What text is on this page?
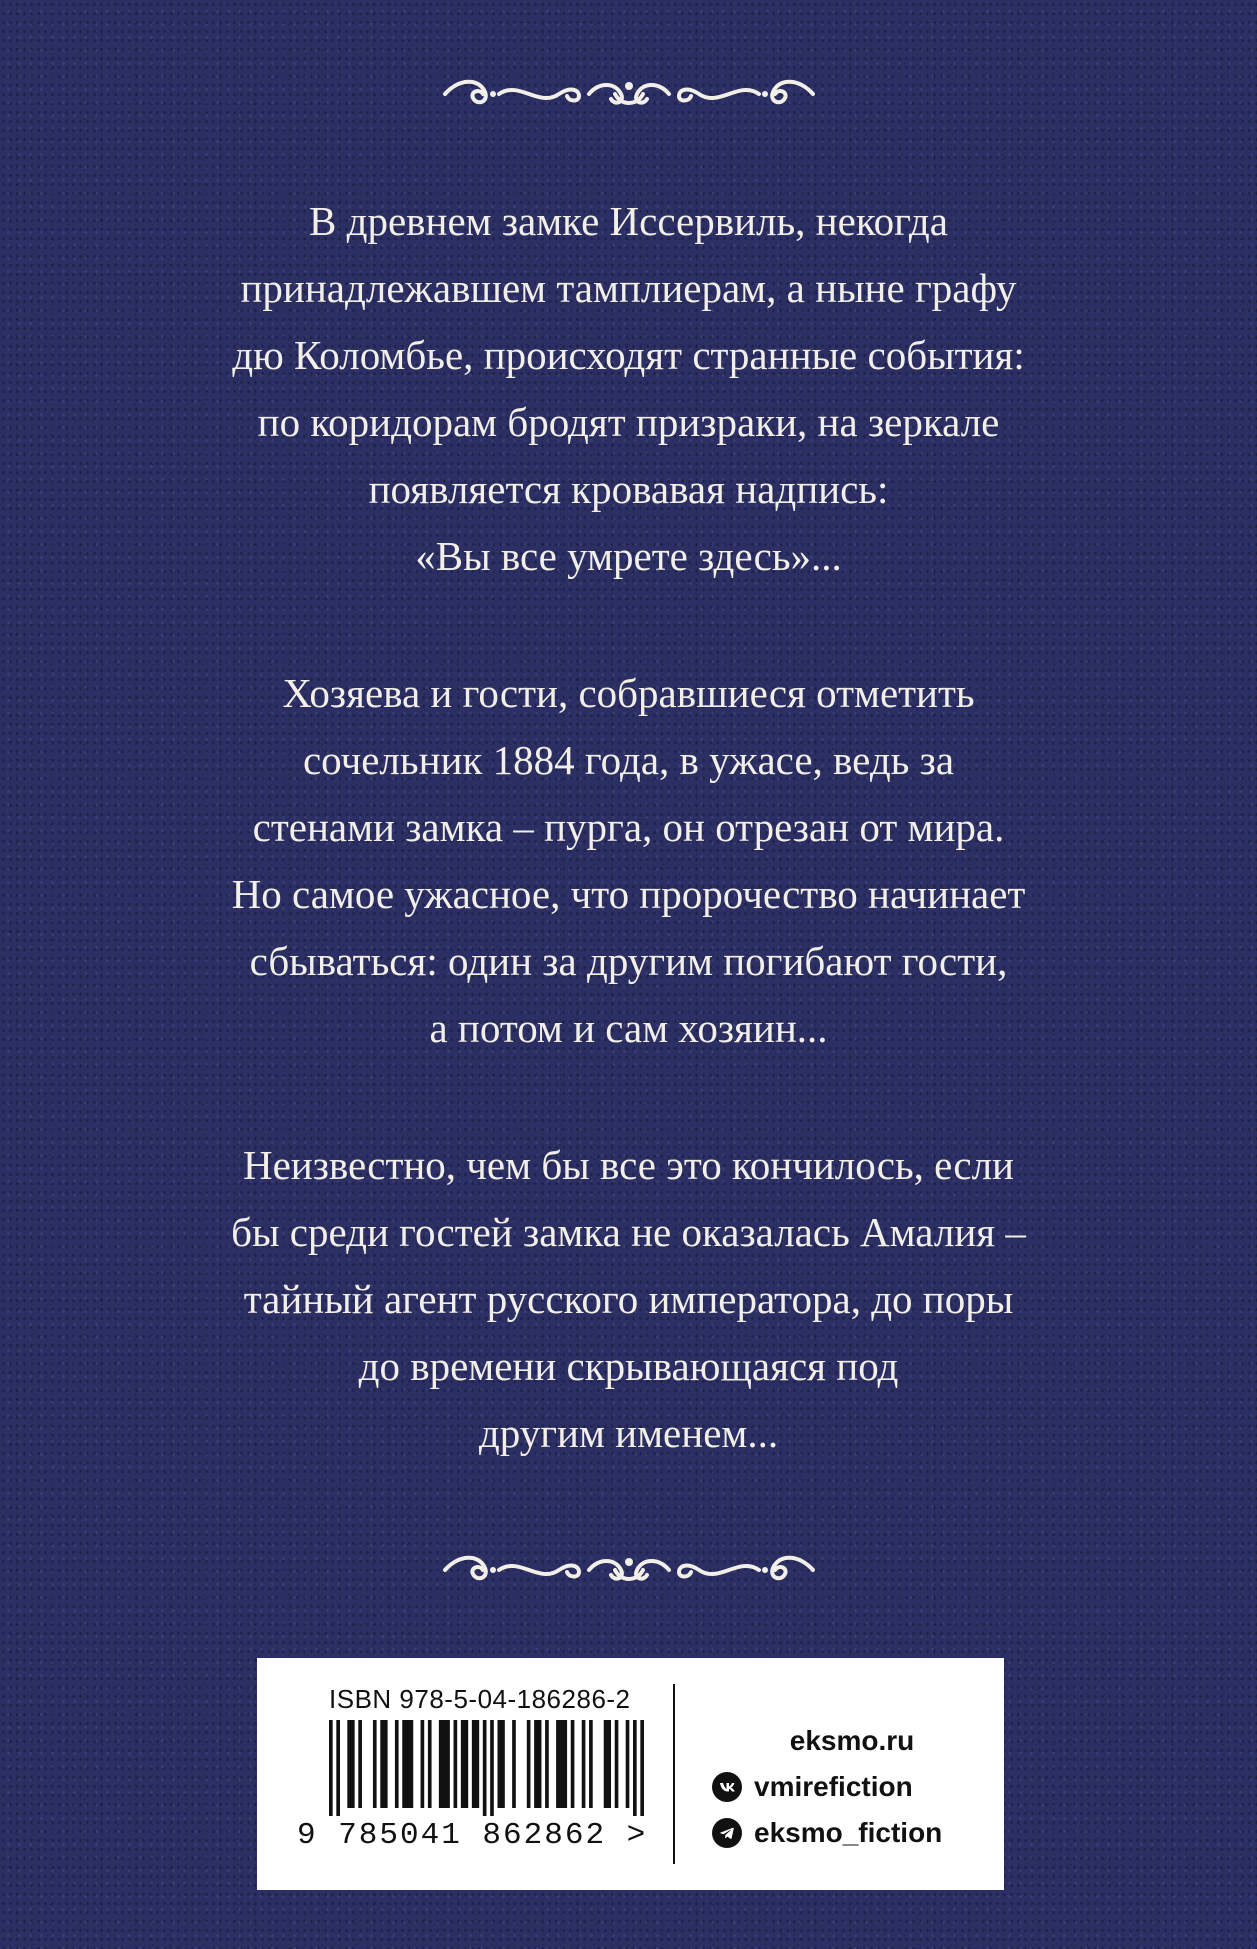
В древнем замке Иссервиль, некогда
принадлежавшем тамплиерам, а ныне графу
дю Коломбье, происходят странные события:
по коридорам бродят призраки, на зеркале
появляется кровавая надпись:
«Вы все умрете здесь»...

Хозяева и гости, собравшиеся отметить
сочельник 1884 года, в ужасе, ведь за
стенами замка – пурга, он отрезан от мира.
Но самое ужасное, что пророчество начинает
сбываться: один за другим погибают гости,
а потом и сам хозяин...

Неизвестно, чем бы все это кончилось, если
бы среди гостей замка не оказалась Амалия –
тайный агент русского императора, до поры
до времени скрывающаяся под
другим именем...

ISBN 978-5-04-186286-2
9 785041 862862 >
eksmo.ru
vmirefiction
eksmo_fiction
